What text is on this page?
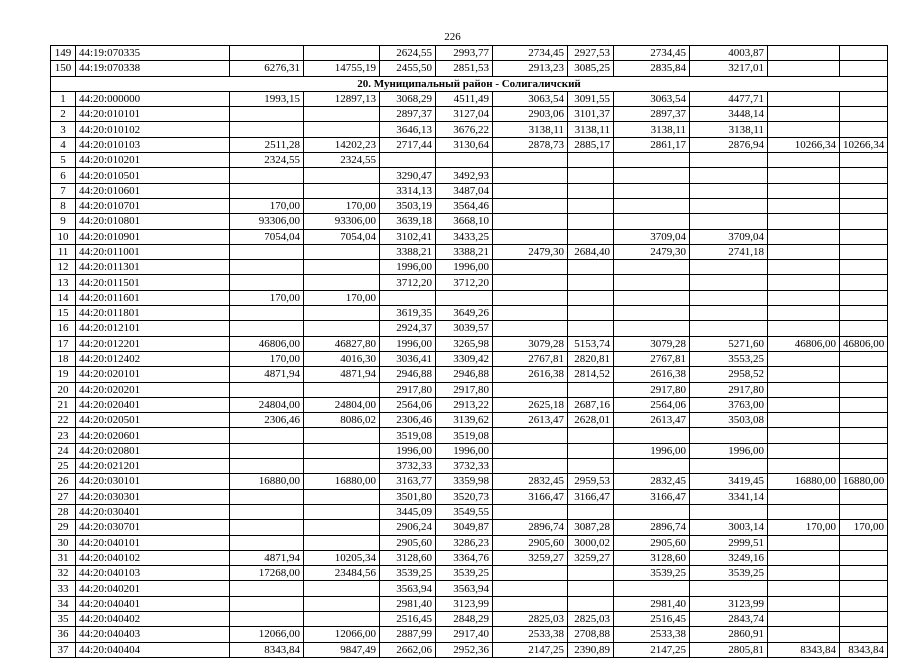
226
149	44:19:070335			2624,55	2993,77	2734,45	2927,53	2734,45	4003,87		
150	44:19:070338	6276,31	14755,19	2455,50	2851,53	2913,23	3085,25	2835,84	3217,01		
20. Муниципальный район - Солигаличский											
1	44:20:000000	1993,15	12897,13	3068,29	4511,49	3063,54	3091,55	3063,54	4477,71		
2	44:20:010101			2897,37	3127,04	2903,06	3101,37	2897,37	3448,14		
3	44:20:010102			3646,13	3676,22	3138,11	3138,11	3138,11	3138,11		
4	44:20:010103	2511,28	14202,23	2717,44	3130,64	2878,73	2885,17	2861,17	2876,94	10266,34	10266,34
5	44:20:010201	2324,55	2324,55								
6	44:20:010501			3290,47	3492,93						
7	44:20:010601			3314,13	3487,04						
8	44:20:010701	170,00	170,00	3503,19	3564,46						
9	44:20:010801	93306,00	93306,00	3639,18	3668,10						
10	44:20:010901	7054,04	7054,04	3102,41	3433,25			3709,04	3709,04		
11	44:20:011001			3388,21	3388,21	2479,30	2684,40	2479,30	2741,18		
12	44:20:011301			1996,00	1996,00						
13	44:20:011501			3712,20	3712,20						
14	44:20:011601	170,00	170,00								
15	44:20:011801			3619,35	3649,26						
16	44:20:012101			2924,37	3039,57						
17	44:20:012201	46806,00	46827,80	1996,00	3265,98	3079,28	5153,74	3079,28	5271,60	46806,00	46806,00
18	44:20:012402	170,00	4016,30	3036,41	3309,42	2767,81	2820,81	2767,81	3553,25		
19	44:20:020101	4871,94	4871,94	2946,88	2946,88	2616,38	2814,52	2616,38	2958,52		
20	44:20:020201			2917,80	2917,80			2917,80	2917,80		
21	44:20:020401	24804,00	24804,00	2564,06	2913,22	2625,18	2687,16	2564,06	3763,00		
22	44:20:020501	2306,46	8086,02	2306,46	3139,62	2613,47	2628,01	2613,47	3503,08		
23	44:20:020601			3519,08	3519,08						
24	44:20:020801			1996,00	1996,00			1996,00	1996,00		
25	44:20:021201			3732,33	3732,33						
26	44:20:030101	16880,00	16880,00	3163,77	3359,98	2832,45	2959,53	2832,45	3419,45	16880,00	16880,00
27	44:20:030301			3501,80	3520,73	3166,47	3166,47	3166,47	3341,14		
28	44:20:030401			3445,09	3549,55						
29	44:20:030701			2906,24	3049,87	2896,74	3087,28	2896,74	3003,14	170,00	170,00
30	44:20:040101			2905,60	3286,23	2905,60	3000,02	2905,60	2999,51		
31	44:20:040102	4871,94	10205,34	3128,60	3364,76	3259,27	3259,27	3128,60	3249,16		
32	44:20:040103	17268,00	23484,56	3539,25	3539,25			3539,25	3539,25		
33	44:20:040201			3563,94	3563,94						
34	44:20:040401			2981,40	3123,99			2981,40	3123,99		
35	44:20:040402			2516,45	2848,29	2825,03	2825,03	2516,45	2843,74		
36	44:20:040403	12066,00	12066,00	2887,99	2917,40	2533,38	2708,88	2533,38	2860,91		
37	44:20:040404	8343,84	9847,49	2662,06	2952,36	2147,25	2390,89	2147,25	2805,81	8343,84	8343,84
